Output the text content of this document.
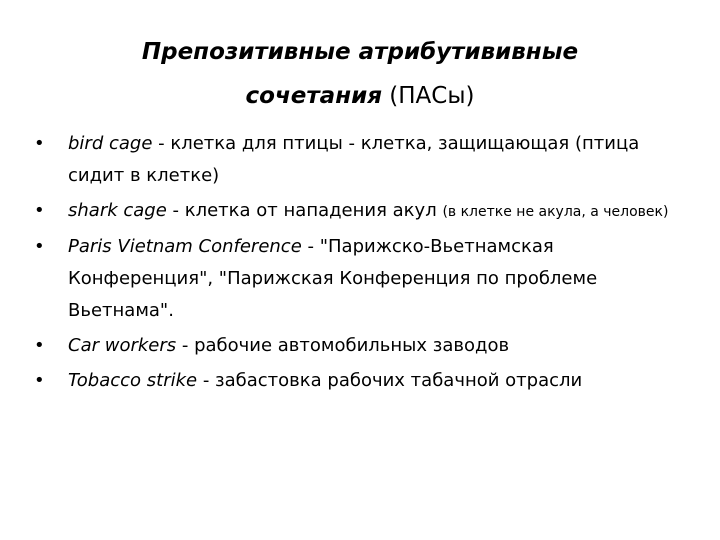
Препозитивные атрибутививные
сочетания (ПАСы)
• bird cage - клетка для птицы - клетка, защищающая (птица сидит в клетке)
• shark cage - клетка от нападения акул (в клетке не акула, а человек)
• Paris Vietnam Conference - "Парижско-Вьетнамская Конференция", "Парижская Конференция по проблеме Вьетнама".
• Car workers - рабочие автомобильных заводов
• Tobacco strike - забастовка рабочих табачной отрасли
